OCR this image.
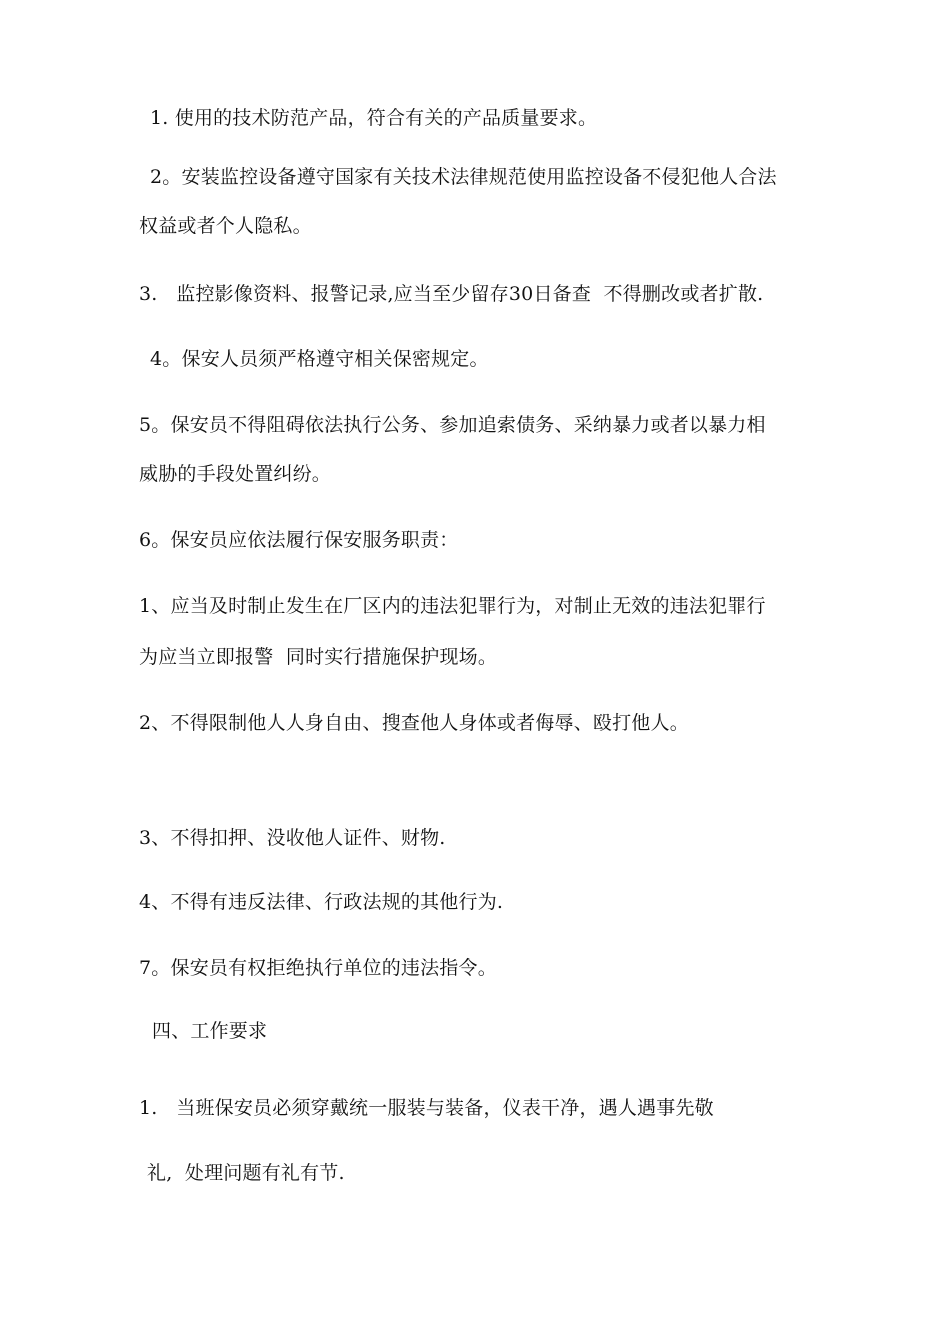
1. 使用的技术防范产品，符合有关的产品质量要求。
2。安装监控设备遵守国家有关技术法律规范使用监控设备不侵犯他人合法
权益或者个人隐私。
3.   监控影像资料、报警记录,应当至少留存30日备查  不得删改或者扩散.
4。保安人员须严格遵守相关保密规定。
5。保安员不得阻碍依法执行公务、参加追索债务、采纳暴力或者以暴力相
威胁的手段处置纠纷。
6。保安员应依法履行保安服务职责：
1、应当及时制止发生在厂区内的违法犯罪行为，对制止无效的违法犯罪行
为应当立即报警  同时实行措施保护现场。
2、不得限制他人人身自由、搜查他人身体或者侮辱、殴打他人。
3、不得扣押、没收他人证件、财物.
4、不得有违反法律、行政法规的其他行为.
7。保安员有权拒绝执行单位的违法指令。
四、工作要求
1.   当班保安员必须穿戴统一服装与装备，仪表干净，遇人遇事先敬
礼,  处理问题有礼有节.
